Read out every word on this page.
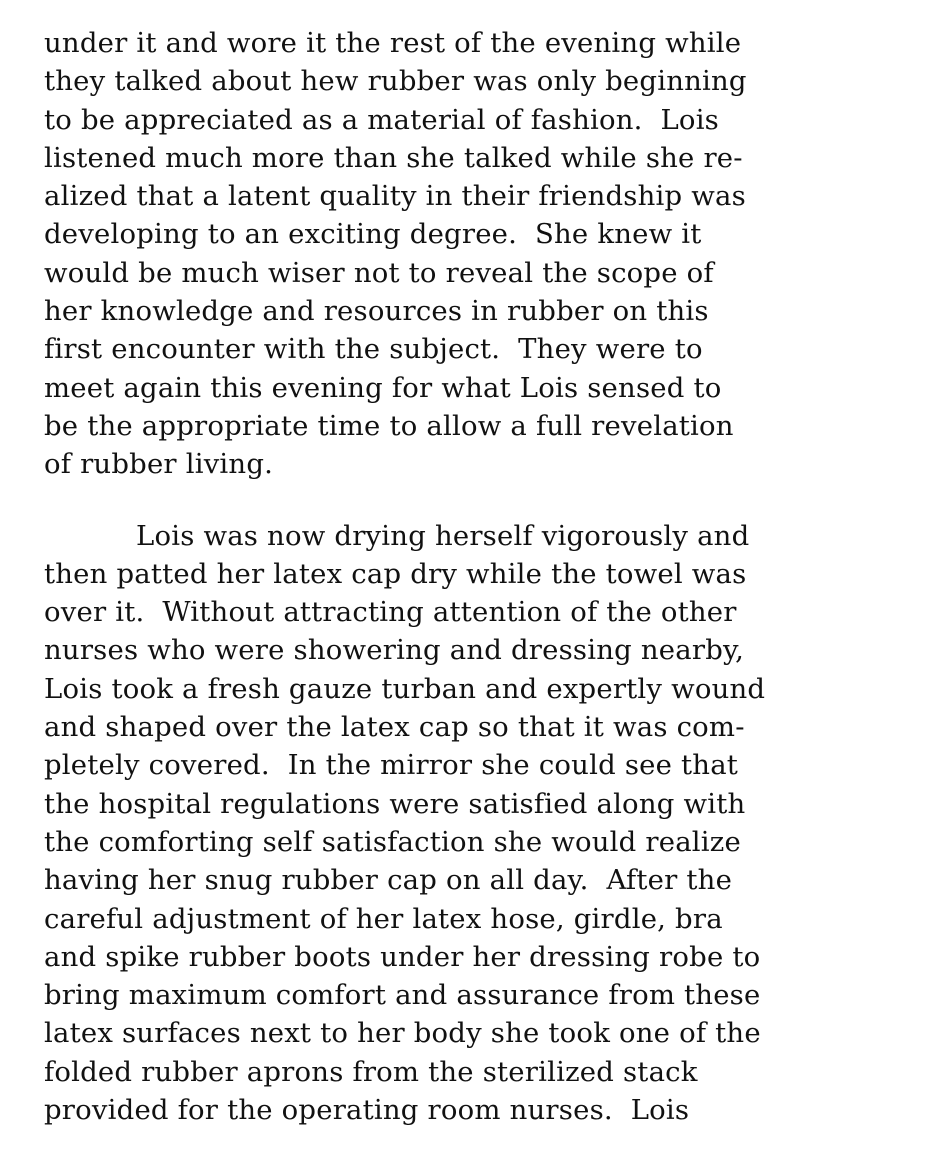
under it and wore it the rest of the evening while
they talked about hew rubber was only beginning
to be appreciated as a material of fashion.  Lois
listened much more than she talked while she re-
alized that a latent quality in their friendship was
developing to an exciting degree.  She knew it
would be much wiser not to reveal the scope of
her knowledge and resources in rubber on this
first encounter with the subject.  They were to
meet again this evening for what Lois sensed to
be the appropriate time to allow a full revelation
of rubber living.
Lois was now drying herself vigorously and
then patted her latex cap dry while the towel was
over it.  Without attracting attention of the other
nurses who were showering and dressing nearby,
Lois took a fresh gauze turban and expertly wound
and shaped over the latex cap so that it was com-
pletely covered.  In the mirror she could see that
the hospital regulations were satisfied along with
the comforting self satisfaction she would realize
having her snug rubber cap on all day.  After the
careful adjustment of her latex hose, girdle, bra
and spike rubber boots under her dressing robe to
bring maximum comfort and assurance from these
latex surfaces next to her body she took one of the
folded rubber aprons from the sterilized stack
provided for the operating room nurses.  Lois
